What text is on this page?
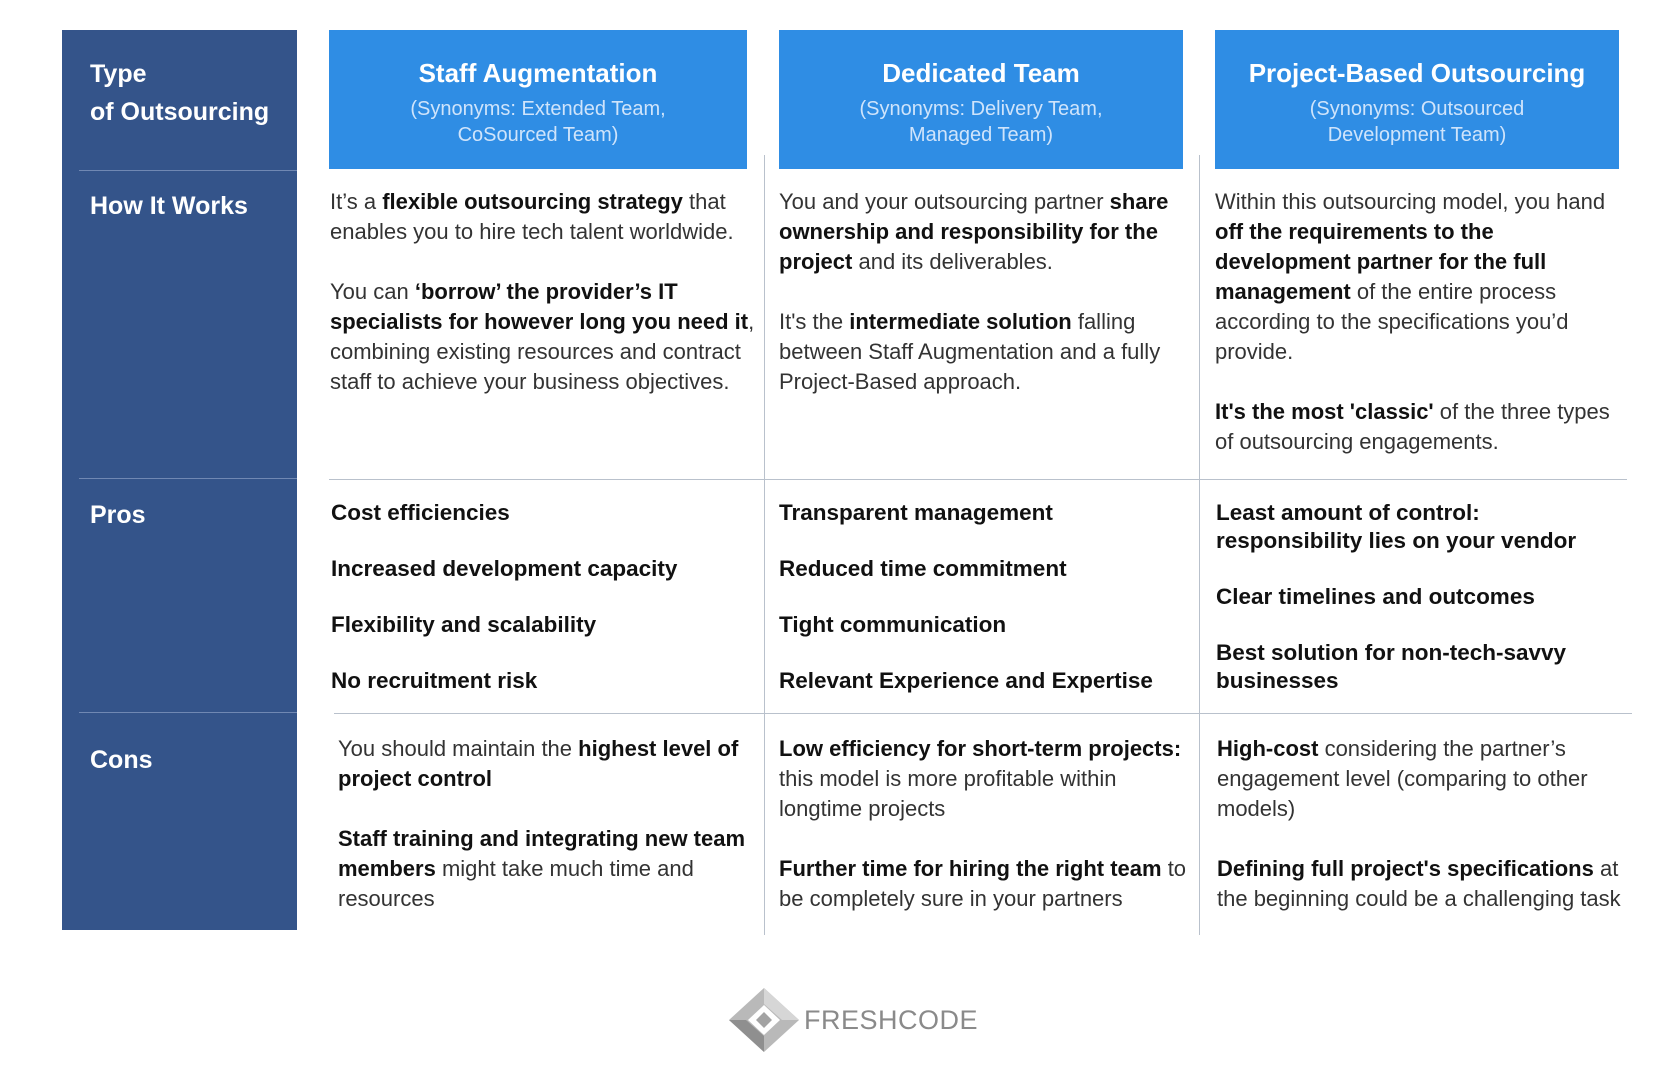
Type
of Outsourcing
How It Works
Pros
Cons
Staff Augmentation
(Synonyms: Extended Team,
CoSourced Team)
Dedicated Team
(Synonyms: Delivery Team,
Managed Team)
Project-Based Outsourcing
(Synonyms: Outsourced
Development Team)

It’s a flexible outsourcing strategy that enables you to hire tech talent worldwide.

You can ‘borrow’ the provider’s IT specialists for however long you need it, combining existing resources and contract staff to achieve your business objectives.

You and your outsourcing partner share ownership and responsibility for the project and its deliverables.

It's the intermediate solution falling between Staff Augmentation and a fully Project-Based approach.

Within this outsourcing model, you hand off the requirements to the development partner for the full management of the entire process according to the specifications you’d provide.

It's the most 'classic' of the three types of outsourcing engagements.

Cost efficiencies
Increased development capacity
Flexibility and scalability
No recruitment risk
Transparent management
Reduced time commitment
Tight communication
Relevant Experience and Expertise
Least amount of control: responsibility lies on your vendor
Clear timelines and outcomes
Best solution for non-tech-savvy businesses

You should maintain the highest level of project control

Staff training and integrating new team members might take much time and resources

Low efficiency for short-term projects: this model is more profitable within longtime projects

Further time for hiring the right team to be completely sure in your partners

High-cost considering the partner’s engagement level (comparing to other models)

Defining full project's specifications at the beginning could be a challenging task

FRESHCODE
